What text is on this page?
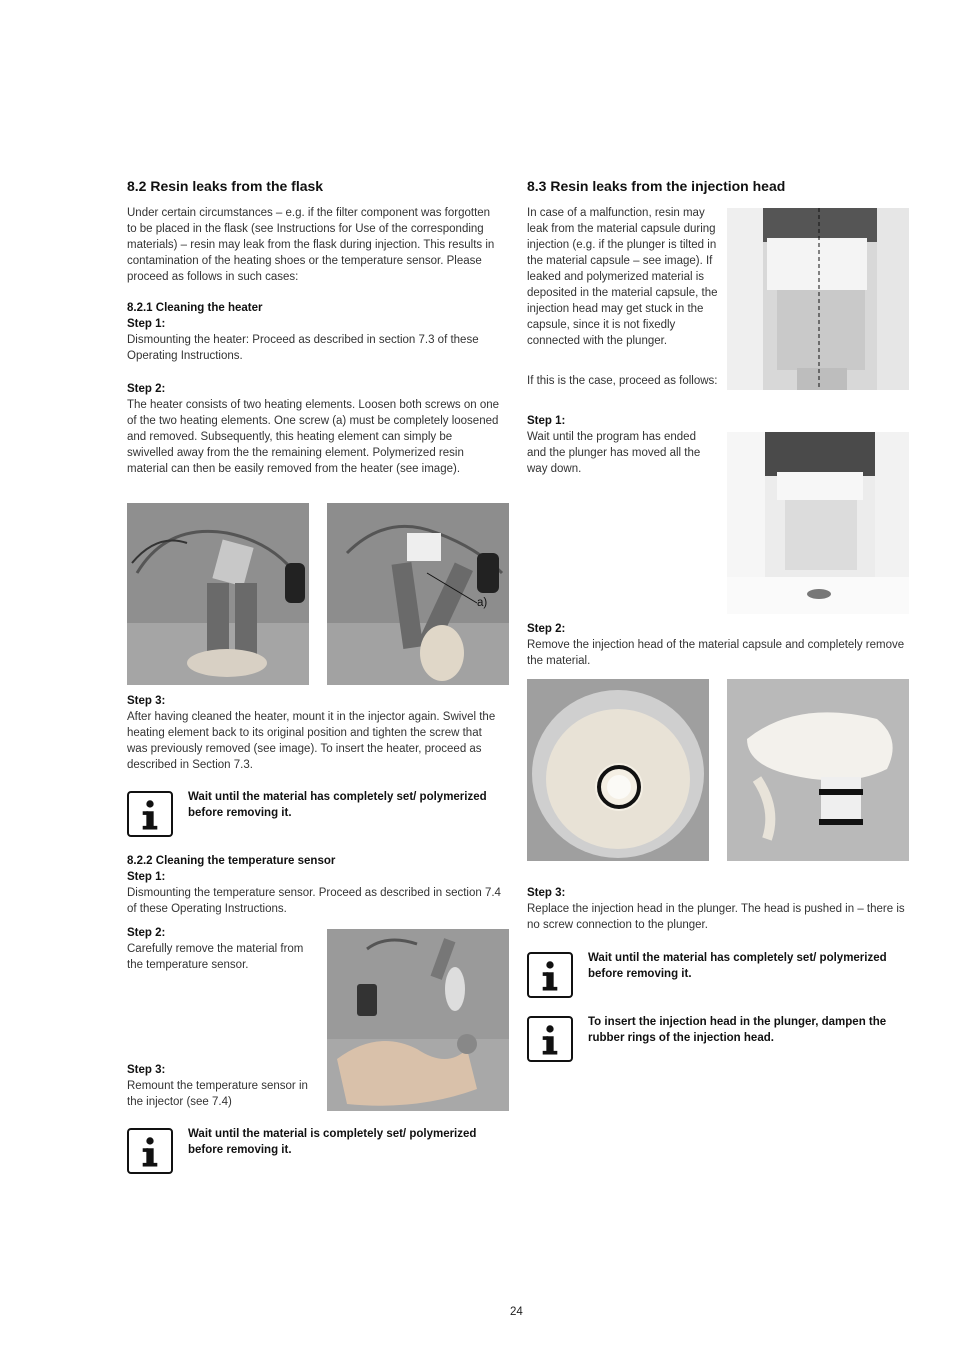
8.2 Resin leaks from the flask

Under certain circumstances – e.g. if the filter component was forgotten to be placed in the flask (see Instructions for Use of the corresponding materials) – resin may leak from the flask during injection. This results in contamination of the heating shoes or the temperature sensor. Please proceed as follows in such cases:

8.2.1 Cleaning the heater
Step 1:
Dismounting the heater: Proceed as described in section 7.3 of these Operating Instructions.

Step 2:
The heater consists of two heating elements. Loosen both screws on one of the two heating elements. One screw (a) must be completely loosened and removed. Subsequently, this heating element can simply be swivelled away from the the remaining element. Polymerized resin material can then be easily removed from the heater (see image).

a)

Step 3:
After having cleaned the heater, mount it in the injector again. Swivel the heating element back to its original position and tighten the screw that was previously removed (see image). To insert the heater, proceed as described in Section 7.3.

Wait until the material has completely set/ polymerized before removing it.

8.2.2 Cleaning the temperature sensor
Step 1:
Dismounting the temperature sensor. Proceed as described in section 7.4 of these Operating Instructions.

Step 2:
Carefully remove the material from the temperature sensor.

Step 3:
Remount the temperature sensor in the injector (see 7.4)

Wait until the material is completely set/ polymerized before removing it.

8.3 Resin leaks from the injection head

In case of a malfunction, resin may leak from the material capsule during injection (e.g. if the plunger is tilted in the material capsule – see image). If leaked and polymerized material is deposited in the material capsule, the injection head may get stuck in the capsule, since it is not fixedly connected with the plunger.

If this is the case, proceed as follows:

Step 1:
Wait until the program has ended and the plunger has moved all the way down.

Step 2:
Remove the injection head of the material capsule and completely remove the material.

Step 3:
Replace the injection head in the plunger. The head is pushed in – there is no screw connection to the plunger.

Wait until the material has completely set/ polymerized before removing it.

To insert the injection head in the plunger, dampen the rubber rings of the injection head.

24
